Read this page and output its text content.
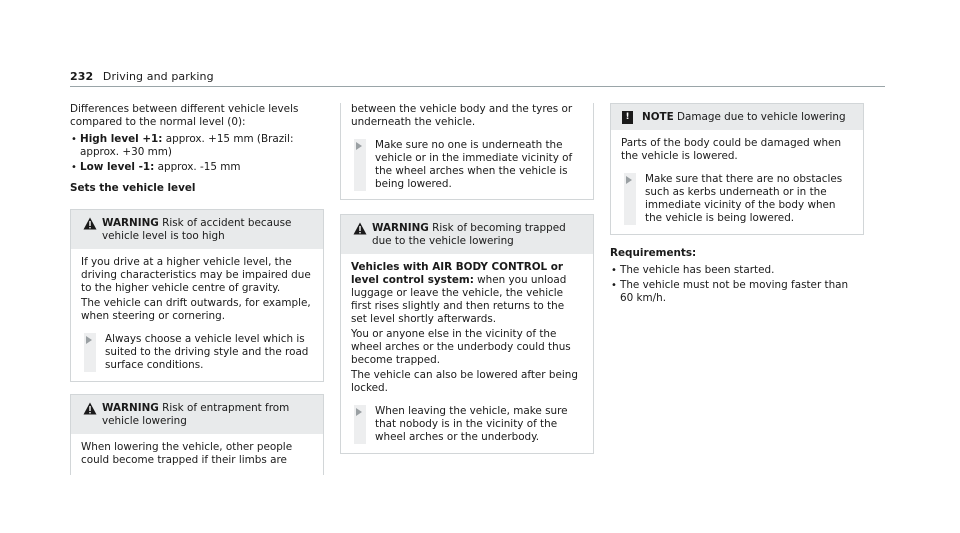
232 Driving and parking

Differences between different vehicle levels compared to the normal level (0):

• High level +1: approx. +15 mm (Brazil: approx. +30 mm)
• Low level -1: approx. -15 mm

Sets the vehicle level

WARNING Risk of accident because vehicle level is too high

If you drive at a higher vehicle level, the driving characteristics may be impaired due to the higher vehicle centre of gravity.

The vehicle can drift outwards, for example, when steering or cornering.

Always choose a vehicle level which is suited to the driving style and the road surface conditions.

WARNING Risk of entrapment from vehicle lowering

When lowering the vehicle, other people could become trapped if their limbs are

between the vehicle body and the tyres or underneath the vehicle.

Make sure no one is underneath the vehicle or in the immediate vicinity of the wheel arches when the vehicle is being lowered.

WARNING Risk of becoming trapped due to the vehicle lowering

Vehicles with AIR BODY CONTROL or level control system: when you unload luggage or leave the vehicle, the vehicle first rises slightly and then returns to the set level shortly afterwards.

You or anyone else in the vicinity of the wheel arches or the underbody could thus become trapped.

The vehicle can also be lowered after being locked.

When leaving the vehicle, make sure that nobody is in the vicinity of the wheel arches or the underbody.

!	NOTE Damage due to vehicle lowering

Parts of the body could be damaged when the vehicle is lowered.

Make sure that there are no obstacles such as kerbs underneath or in the immediate vicinity of the body when the vehicle is being lowered.

Requirements:

• The vehicle has been started.
• The vehicle must not be moving faster than 60 km/h.
